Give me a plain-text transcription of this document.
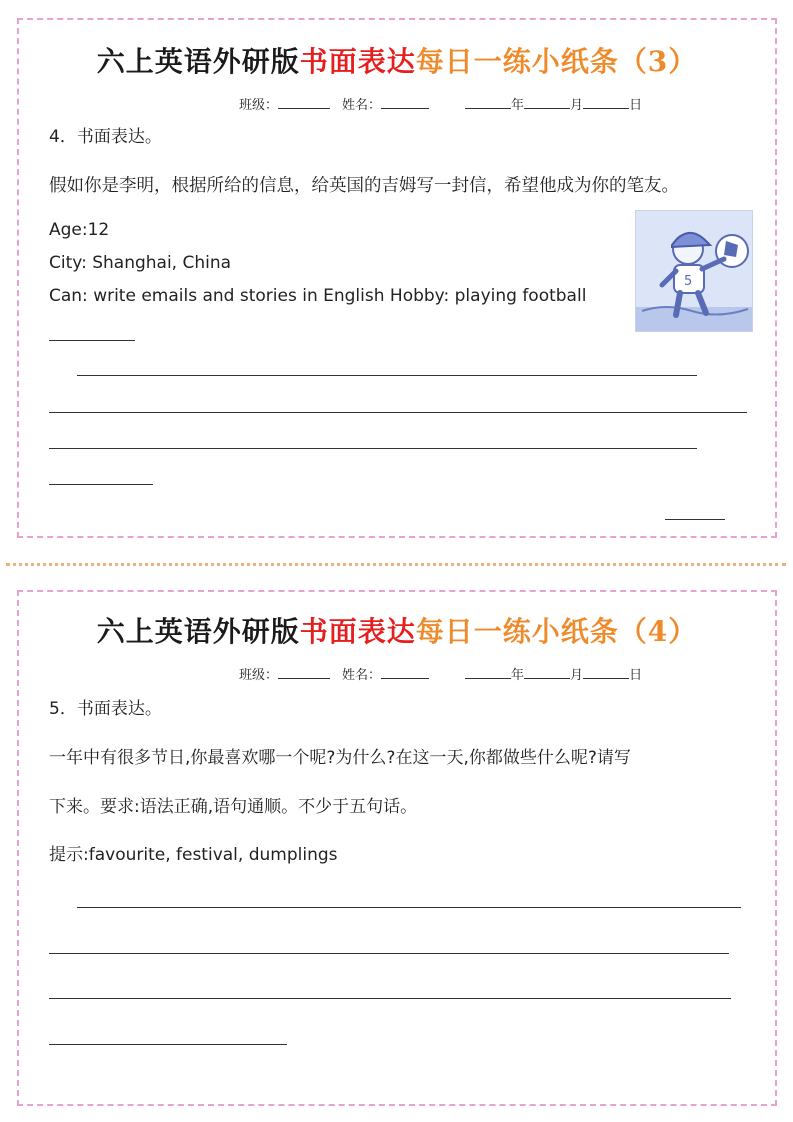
六上英语外研版书面表达每日一练小纸条（3）
班级：	姓名：	年	月	日
4．书面表达。
假如你是李明，根据所给的信息，给英国的吉姆写一封信，希望他成为你的笔友。
Age:12
City: Shanghai, China
Can: write emails and stories in English Hobby: playing football
5
六上英语外研版书面表达每日一练小纸条（4）
班级：	姓名：	年	月	日
5．书面表达。
一年中有很多节日,你最喜欢哪一个呢?为什么?在这一天,你都做些什么呢?请写
下来。要求:语法正确,语句通顺。不少于五句话。
提示:favourite, festival, dumplings
